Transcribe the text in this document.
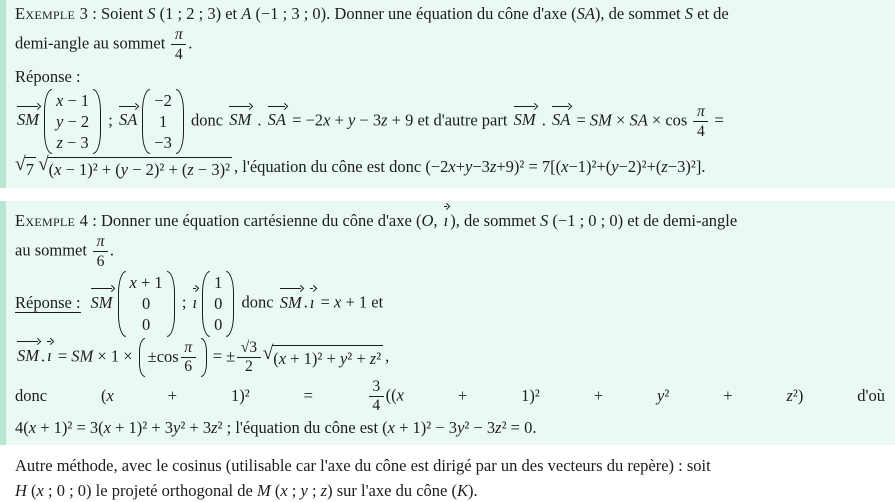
Exemple 3 : Soient S (1 ; 2 ; 3) et A (−1 ; 3 ; 0). Donner une équation du cône d'axe (SA), de sommet S et de
demi-angle au sommet $\frac{\pi}{4}$ .
Réponse :
SM
x − 1
y − 2
z − 3
; SA
−2
1
−3
donc SM . SA = −2x + y − 3z + 9 et d'autre part SM . SA = SM × SA × $\cos \frac{\pi}{4}$ =
√ 7 √ (x − 1)² + (y − 2)² + (z − 3)² , l'équation du cône est donc (−2x+y−3z+9)² = 7[(x−1)²+(y−2)²+(z−3)²].
Exemple 4 : Donner une équation cartésienne du cône d'axe (O, ı ), de sommet S (−1 ; 0 ; 0) et de demi-angle
au sommet $\frac{\pi}{6}$ .
Réponse : SM
x + 1
0
0
; ı
1
0
0
donc SM . ı = x + 1 et
SM . ı = SM × 1 × ± $\cos \frac{\pi}{6}$ = ± $\frac{√3}{2}$ √ (x + 1)² + y² + z² ,
donc	(x	+	1)²	=	$\frac{3}{4} ((x$	+	1)²	+	y²	+	z²)	d'où
4(x + 1)² = 3(x + 1)² + 3y² + 3z² ; l'équation du cône est (x + 1)² − 3y² − 3z² = 0.
Autre méthode, avec le cosinus (utilisable car l'axe du cône est dirigé par un des vecteurs du repère) : soit
H (x ; 0 ; 0) le projeté orthogonal de M (x ; y ; z) sur l'axe du cône (K).
